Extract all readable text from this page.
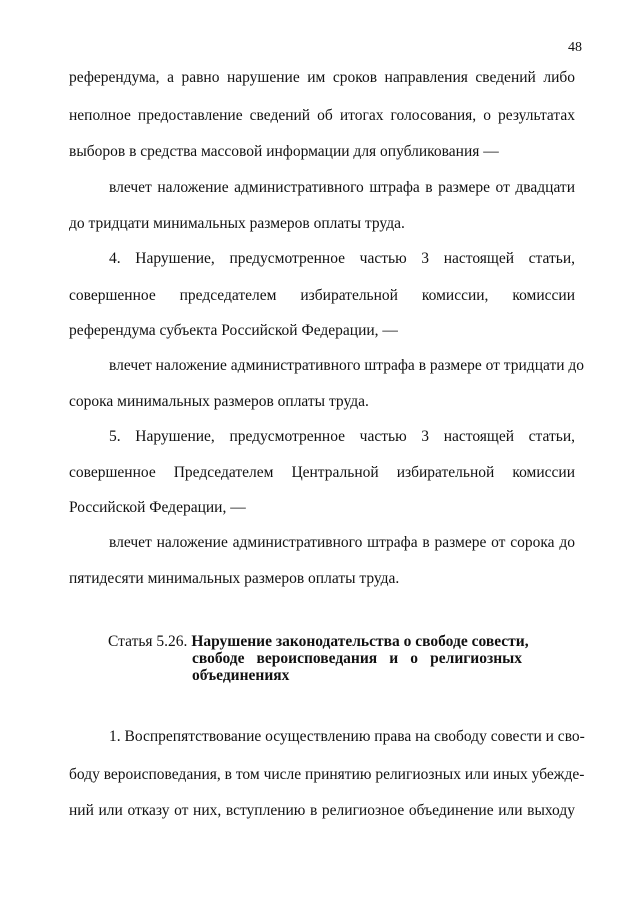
48
референдума, а равно нарушение им сроков направления сведений либо
неполное предоставление сведений об итогах голосования, о результатах
выборов в средства массовой информации для опубликования —
влечет наложение административного штрафа в размере от двадцати
до тридцати минимальных размеров оплаты труда.
4. Нарушение, предусмотренное частью 3 настоящей статьи,
совершенное председателем избирательной комиссии, комиссии
референдума субъекта Российской Федерации, —
влечет наложение административного штрафа в размере от тридцати до
сорока минимальных размеров оплаты труда.
5. Нарушение, предусмотренное частью 3 настоящей статьи,
совершенное Председателем Центральной избирательной комиссии
Российской Федерации, —
влечет наложение административного штрафа в размере от сорока до
пятидесяти минимальных размеров оплаты труда.
Статья 5.26. Нарушение законодательства о свободе совести,
свободе вероисповедания и о религиозных
объединениях
1. Воспрепятствование осуществлению права на свободу совести и сво-
боду вероисповедания, в том числе принятию религиозных или иных убежде-
ний или отказу от них, вступлению в религиозное объединение или выходу
